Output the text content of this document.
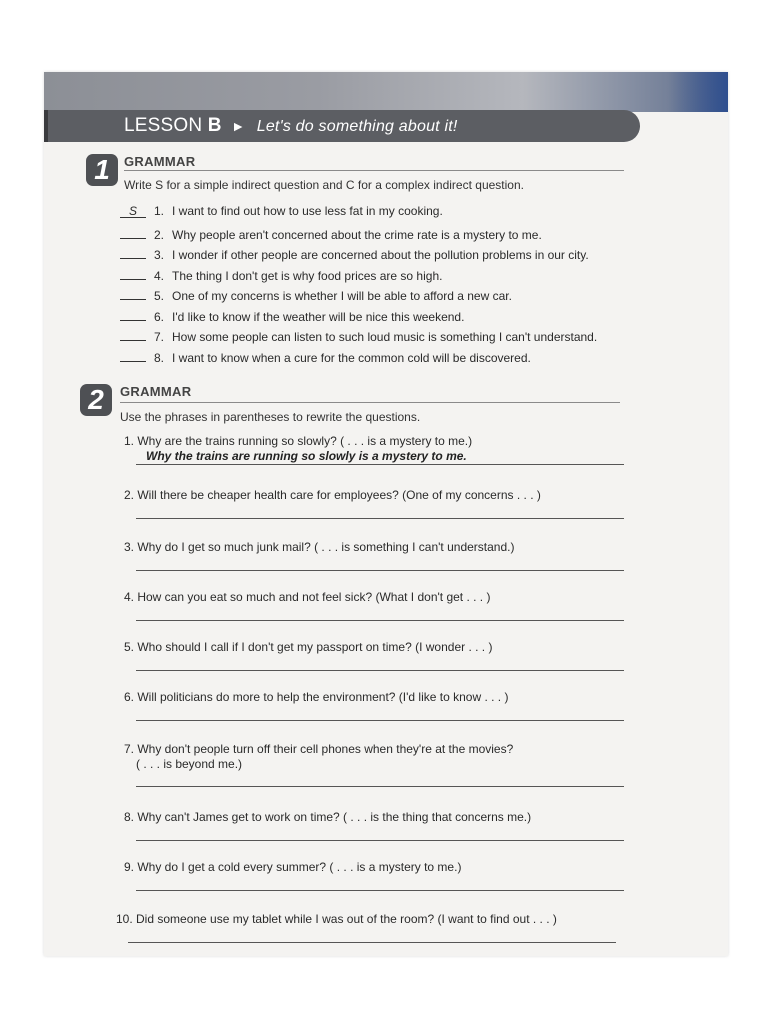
LESSON B ► Let's do something about it!
1	GRAMMAR
Write S for a simple indirect question and C for a complex indirect question.
S 1. I want to find out how to use less fat in my cooking.
2. Why people aren't concerned about the crime rate is a mystery to me.
3. I wonder if other people are concerned about the pollution problems in our city.
4. The thing I don't get is why food prices are so high.
5. One of my concerns is whether I will be able to afford a new car.
6. I'd like to know if the weather will be nice this weekend.
7. How some people can listen to such loud music is something I can't understand.
8. I want to know when a cure for the common cold will be discovered.
2	GRAMMAR
Use the phrases in parentheses to rewrite the questions.
1. Why are the trains running so slowly? ( . . . is a mystery to me.)
Why the trains are running so slowly is a mystery to me.
2. Will there be cheaper health care for employees? (One of my concerns . . . )
3. Why do I get so much junk mail? ( . . . is something I can't understand.)
4. How can you eat so much and not feel sick? (What I don't get . . . )
5. Who should I call if I don't get my passport on time? (I wonder . . . )
6. Will politicians do more to help the environment? (I'd like to know . . . )
7. Why don't people turn off their cell phones when they're at the movies?
( . . . is beyond me.)
8. Why can't James get to work on time? ( . . . is the thing that concerns me.)
9. Why do I get a cold every summer? ( . . . is a mystery to me.)
10. Did someone use my tablet while I was out of the room? (I want to find out . . . )
